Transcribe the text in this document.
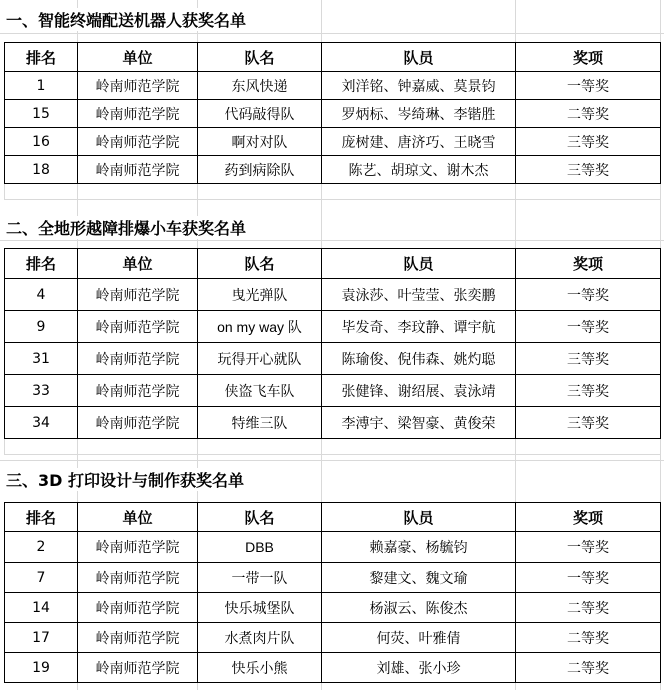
一、智能终端配送机器人获奖名单
排名	单位	队名	队员	奖项
1	岭南师范学院	东风快递	刘洋铭、钟嘉威、莫景钧	一等奖
15	岭南师范学院	代码敲得队	罗炳标、岑绮琳、李锴胜	二等奖
16	岭南师范学院	啊对对队	庞树建、唐济巧、王晓雪	三等奖
18	岭南师范学院	药到病除队	陈艺、胡琼文、谢木杰	三等奖

二、全地形越障排爆小车获奖名单
排名	单位	队名	队员	奖项
4	岭南师范学院	曳光弹队	袁泳莎、叶莹莹、张奕鹏	一等奖
9	岭南师范学院	on my way 队	毕发奇、李玟静、谭宇航	一等奖
31	岭南师范学院	玩得开心就队	陈瑜俊、倪伟森、姚灼聪	三等奖
33	岭南师范学院	侠盗飞车队	张健锋、谢绍展、袁泳靖	三等奖
34	岭南师范学院	特维三队	李溥宇、梁智豪、黄俊荣	三等奖

三、3D 打印设计与制作获奖名单
排名	单位	队名	队员	奖项
2	岭南师范学院	DBB	赖嘉豪、杨毓钧	一等奖
7	岭南师范学院	一带一队	黎建文、魏文瑜	一等奖
14	岭南师范学院	快乐城堡队	杨淑云、陈俊杰	二等奖
17	岭南师范学院	水煮肉片队	何荧、叶雅倩	二等奖
19	岭南师范学院	快乐小熊	刘雄、张小珍	二等奖
